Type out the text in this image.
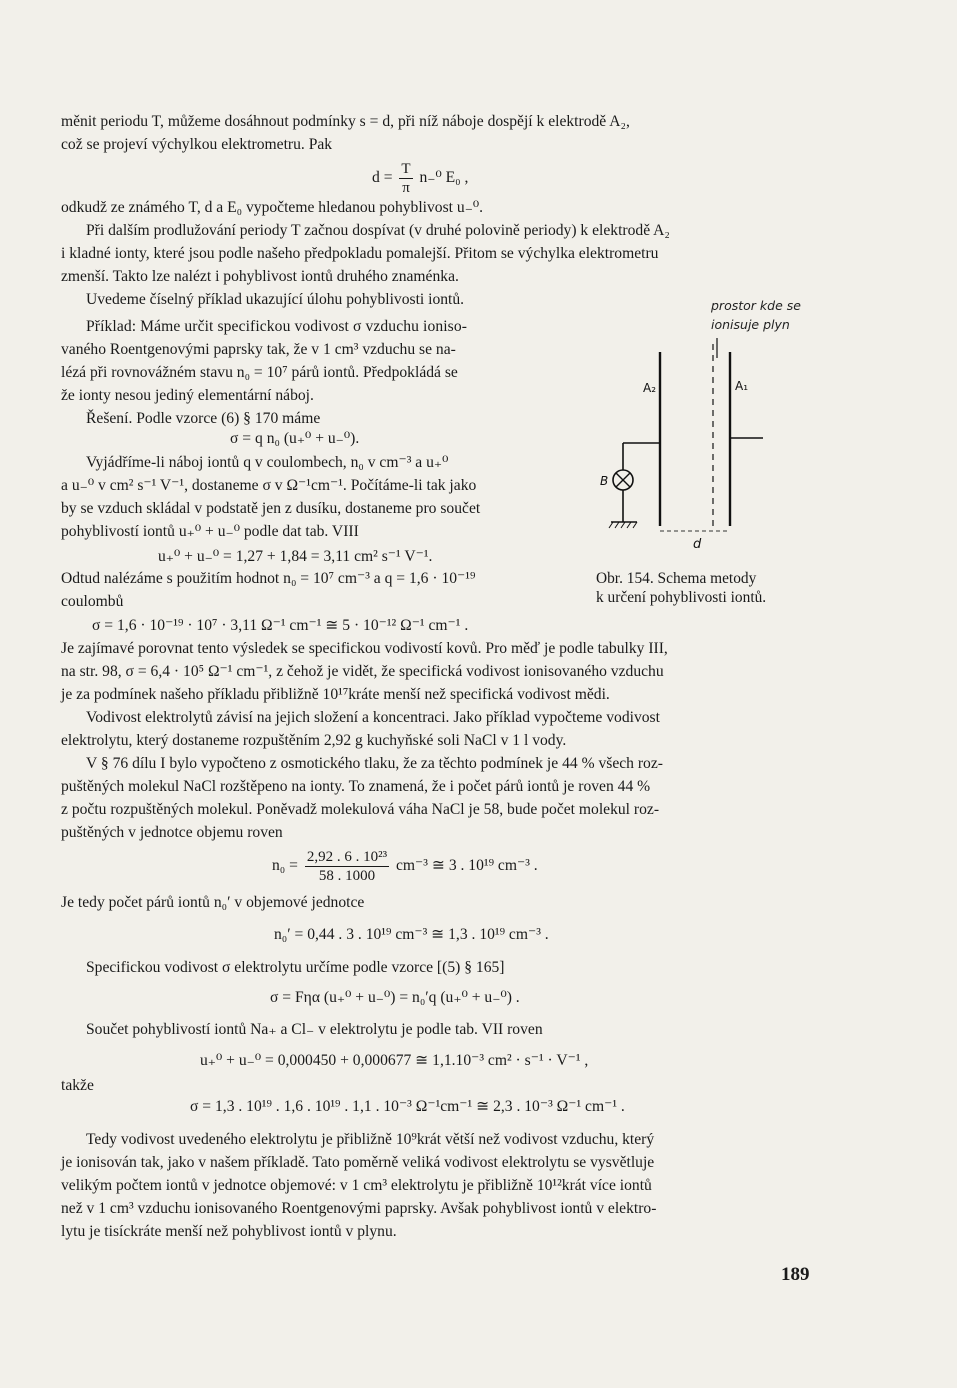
měnit periodu T, můžeme dosáhnout podmínky s = d, při níž náboje dospějí k elektrodě A₂,
což se projeví výchylkou elektrometru. Pak
$d = \frac{T}{\pi} n_-^0$ E₀ ,
odkudž ze známého T, d a E₀ vypočteme hledanou pohyblivost u₋⁰.
Při dalším prodlužování periody T začnou dospívat (v druhé polovině periody) k elektrodě A₂
i kladné ionty, které jsou podle našeho předpokladu pomalejší. Přitom se výchylka elektrometru
zmenší. Takto lze nalézt i pohyblivost iontů druhého znaménka.
Uvedeme číselný příklad ukazující úlohu pohyblivosti iontů.
Příklad: Máme určit specifickou vodivost σ vzduchu ioniso-
vaného Roentgenovými paprsky tak, že v 1 cm³ vzduchu se na-
lézá při rovnovážném stavu n₀ = 10⁷ párů iontů. Předpokládá se
že ionty nesou jediný elementární náboj.
Řešení. Podle vzorce (6) § 170 máme
σ = q n₀ (u₊⁰ + u₋⁰).
Vyjádříme-li náboj iontů q v coulombech, n₀ v cm⁻³ a u₊⁰
a u₋⁰ v cm² s⁻¹ V⁻¹, dostaneme σ v Ω⁻¹cm⁻¹. Počítáme-li tak jako
by se vzduch skládal v podstatě jen z dusíku, dostaneme pro součet
pohyblivostí iontů u₊⁰ + u₋⁰ podle dat tab. VIII
u₊⁰ + u₋⁰ = 1,27 + 1,84 = 3,11 cm² s⁻¹ V⁻¹.
Odtud nalézáme s použitím hodnot n₀ = 10⁷ cm⁻³ a q = 1,6 · 10⁻¹⁹
coulombů
σ = 1,6 · 10⁻¹⁹ · 10⁷ · 3,11 Ω⁻¹ cm⁻¹ ≅ 5 · 10⁻¹² Ω⁻¹ cm⁻¹ .
prostor kde se
ionisuje plyn
A₂	A₁
B
d
Obr. 154. Schema metody
k určení pohyblivosti iontů.
Je zajímavé porovnat tento výsledek se specifickou vodivostí kovů. Pro měď je podle tabulky III,
na str. 98, σ = 6,4 · 10⁵ Ω⁻¹ cm⁻¹, z čehož je vidět, že specifická vodivost ionisovaného vzduchu
je za podmínek našeho příkladu přibližně 10¹⁷kráte menší než specifická vodivost mědi.
Vodivost elektrolytů závisí na jejich složení a koncentraci. Jako příklad vypočteme vodivost
elektrolytu, který dostaneme rozpuštěním 2,92 g kuchyňské soli NaCl v 1 l vody.
V § 76 dílu I bylo vypočteno z osmotického tlaku, že za těchto podmínek je 44 % všech roz-
puštěných molekul NaCl rozštěpeno na ionty. To znamená, že i počet párů iontů je roven 44 %
z počtu rozpuštěných molekul. Poněvadž molekulová váha NaCl je 58, bude počet molekul roz-
puštěných v jednotce objemu roven
$n_0 = \frac{\text{2,92 . 6 . 10²³}}{58 . 1000} cm^{-3}$ ≅ 3 . 10¹⁹ cm⁻³ .
Je tedy počet párů iontů n₀′ v objemové jednotce
n₀′ = 0,44 . 3 . 10¹⁹ cm⁻³ ≅ 1,3 . 10¹⁹ cm⁻³ .
Specifickou vodivost σ elektrolytu určíme podle vzorce [(5) § 165]
σ = Fηα (u₊⁰ + u₋⁰) = n₀′q (u₊⁰ + u₋⁰) .
Součet pohyblivostí iontů Na₊ a Cl₋ v elektrolytu je podle tab. VII roven
u₊⁰ + u₋⁰ = 0,000450 + 0,000677 ≅ 1,1.10⁻³ cm² · s⁻¹ · V⁻¹ ,
takže
σ = 1,3 . 10¹⁹ . 1,6 . 10¹⁹ . 1,1 . 10⁻³ Ω⁻¹cm⁻¹ ≅ 2,3 . 10⁻³ Ω⁻¹ cm⁻¹ .
Tedy vodivost uvedeného elektrolytu je přibližně 10⁹krát větší než vodivost vzduchu, který
je ionisován tak, jako v našem příkladě. Tato poměrně veliká vodivost elektrolytu se vysvětluje
velikým počtem iontů v jednotce objemové: v 1 cm³ elektrolytu je přibližně 10¹²krát více iontů
než v 1 cm³ vzduchu ionisovaného Roentgenovými paprsky. Avšak pohyblivost iontů v elektro-
lytu je tisíckráte menší než pohyblivost iontů v plynu.
189
